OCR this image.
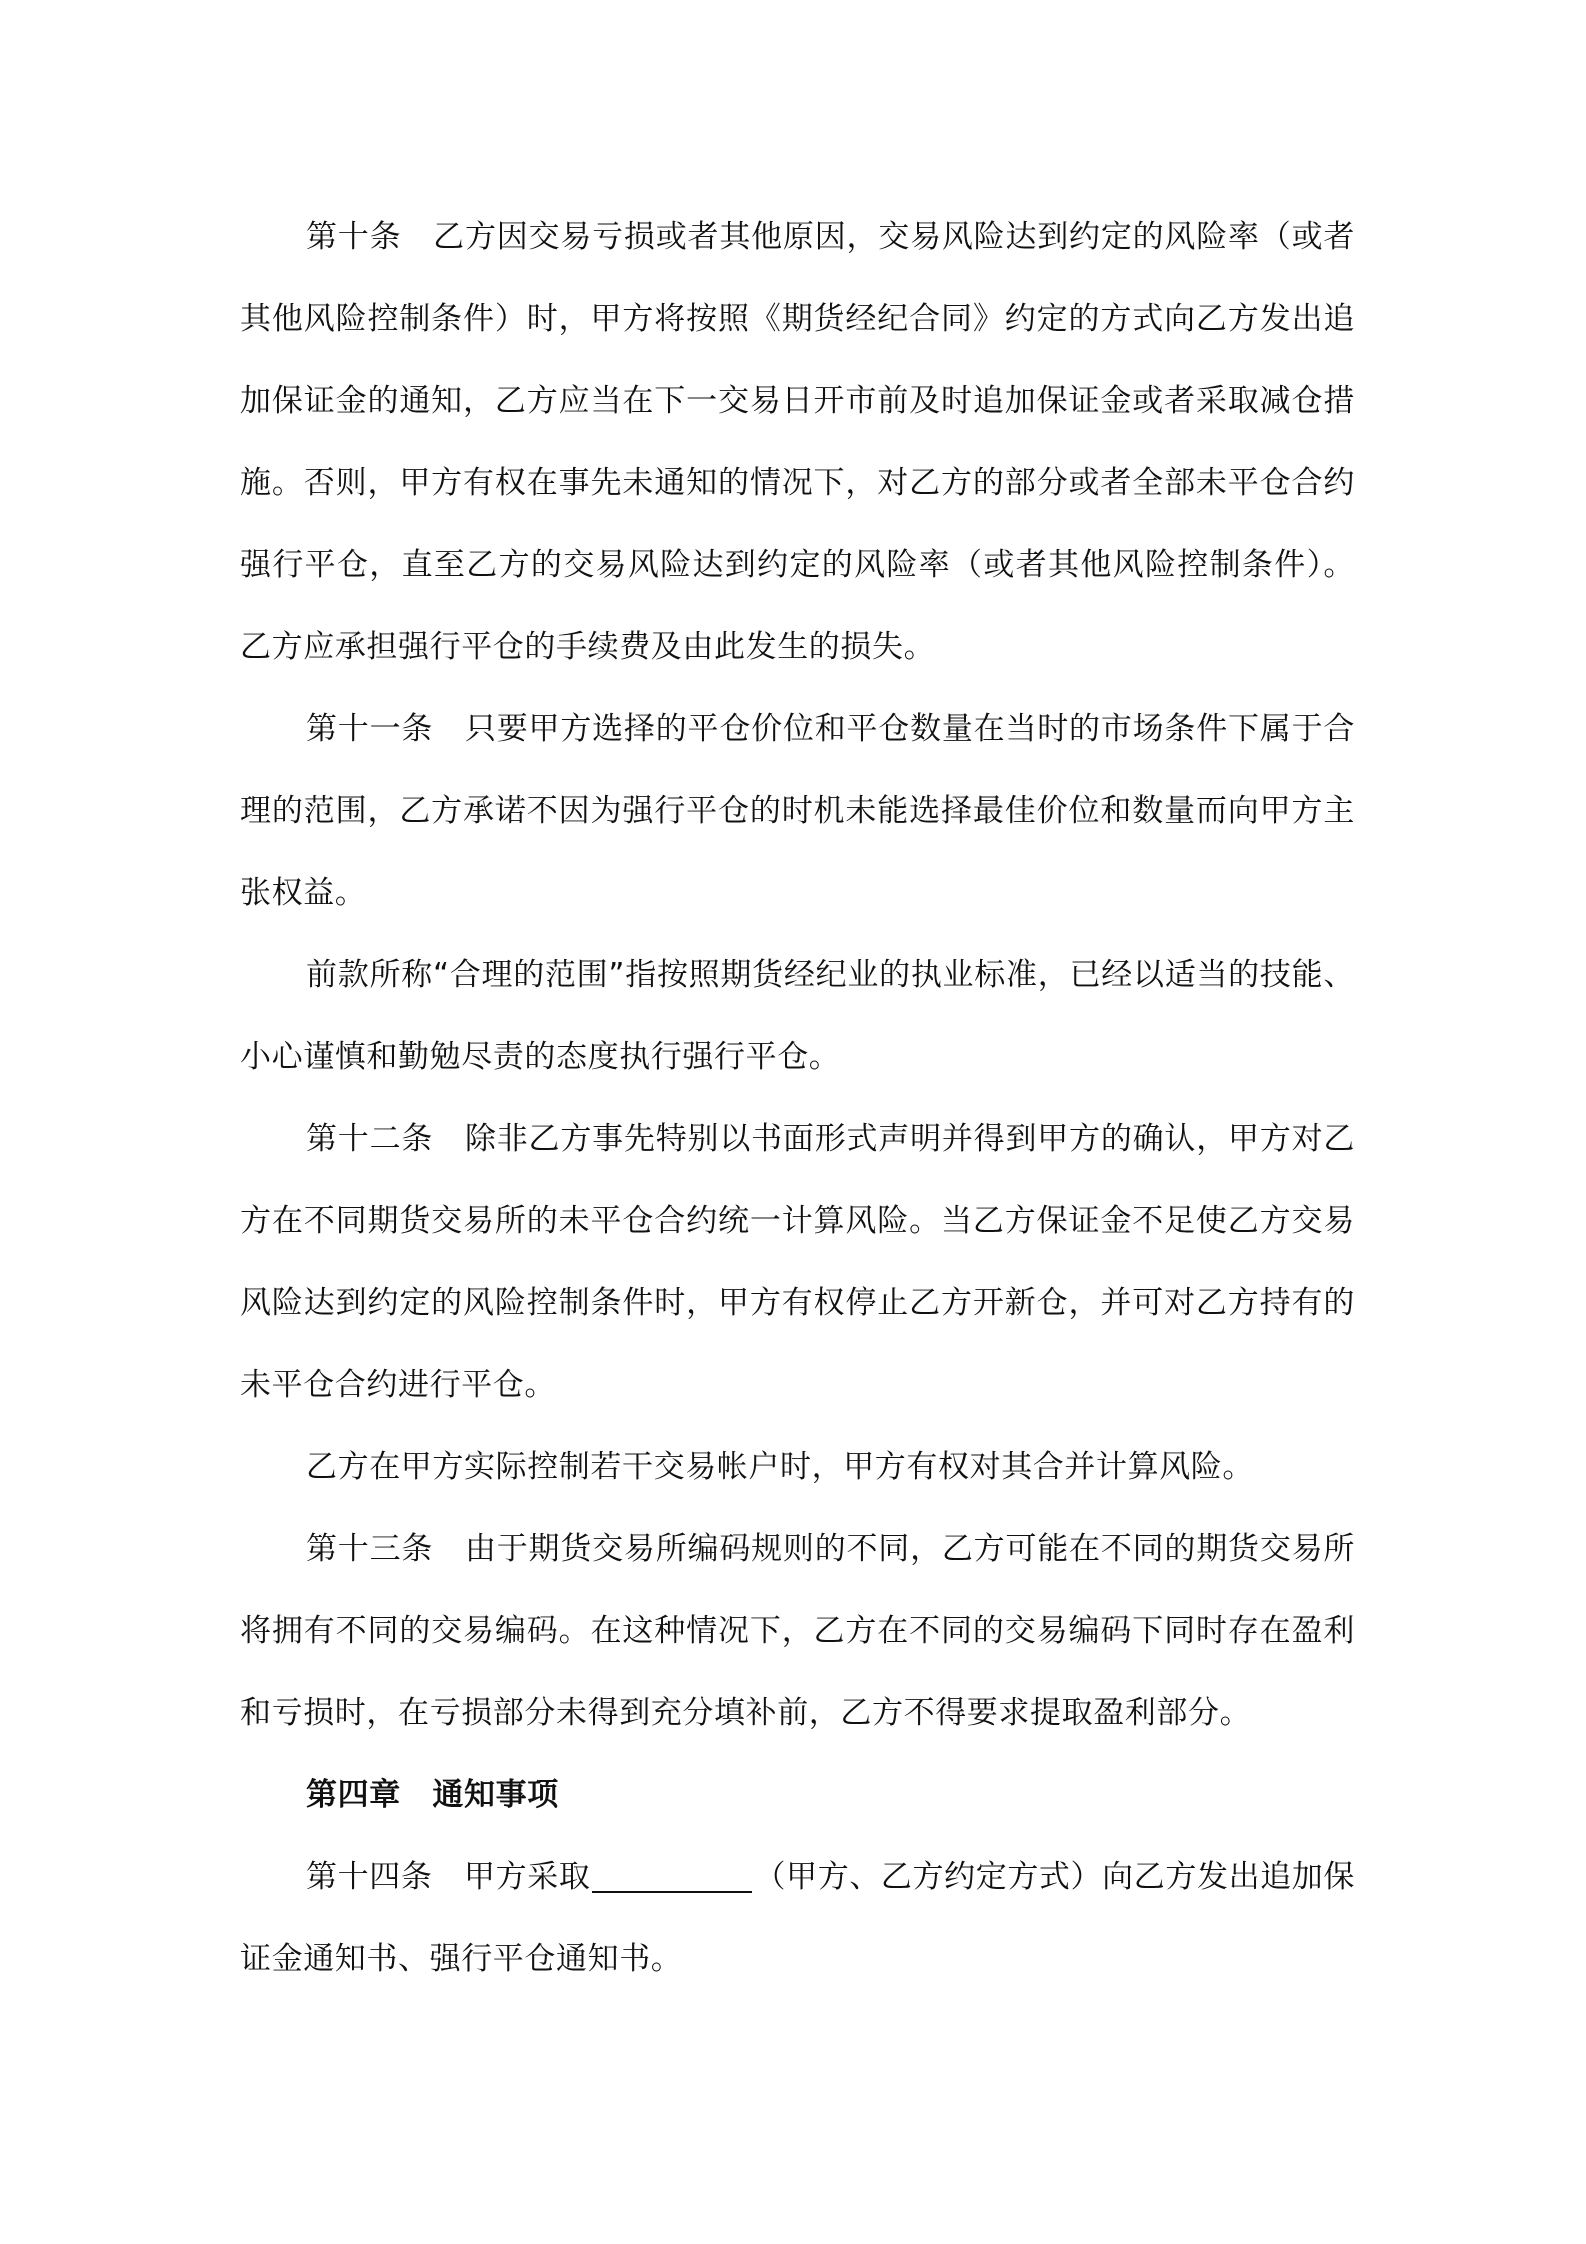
第十条　乙方因交易亏损或者其他原因，交易风险达到约定的风险率（或者其他风险控制条件）时，甲方将按照《期货经纪合同》约定的方式向乙方发出追加保证金的通知，乙方应当在下一交易日开市前及时追加保证金或者采取减仓措施。否则，甲方有权在事先未通知的情况下，对乙方的部分或者全部未平仓合约强行平仓，直至乙方的交易风险达到约定的风险率（或者其他风险控制条件）。乙方应承担强行平仓的手续费及由此发生的损失。

第十一条　只要甲方选择的平仓价位和平仓数量在当时的市场条件下属于合理的范围，乙方承诺不因为强行平仓的时机未能选择最佳价位和数量而向甲方主张权益。

前款所称“合理的范围”指按照期货经纪业的执业标准，已经以适当的技能、小心谨慎和勤勉尽责的态度执行强行平仓。

第十二条　除非乙方事先特别以书面形式声明并得到甲方的确认，甲方对乙方在不同期货交易所的未平仓合约统一计算风险。当乙方保证金不足使乙方交易风险达到约定的风险控制条件时，甲方有权停止乙方开新仓，并可对乙方持有的未平仓合约进行平仓。

乙方在甲方实际控制若干交易帐户时，甲方有权对其合并计算风险。

第十三条　由于期货交易所编码规则的不同，乙方可能在不同的期货交易所将拥有不同的交易编码。在这种情况下，乙方在不同的交易编码下同时存在盈利和亏损时，在亏损部分未得到充分填补前，乙方不得要求提取盈利部分。

第四章　通知事项

第十四条　甲方采取	（甲方、乙方约定方式）向乙方发出追加保证金通知书、强行平仓通知书。
